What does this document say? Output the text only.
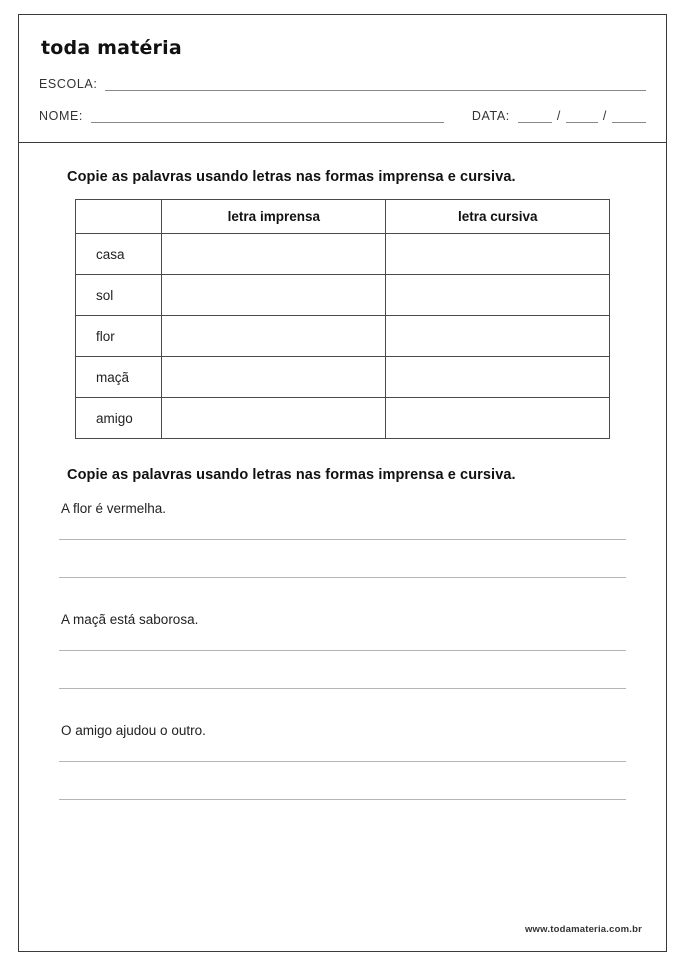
toda matéria
ESCOLA:
NOME:	DATA:	/	/
Copie as palavras usando letras nas formas imprensa e cursiva.
	letra imprensa	letra cursiva
casa		
sol		
flor		
maçã		
amigo		
Copie as palavras usando letras nas formas imprensa e cursiva.
A flor é vermelha.
A maçã está saborosa.
O amigo ajudou o outro.
www.todamateria.com.br
